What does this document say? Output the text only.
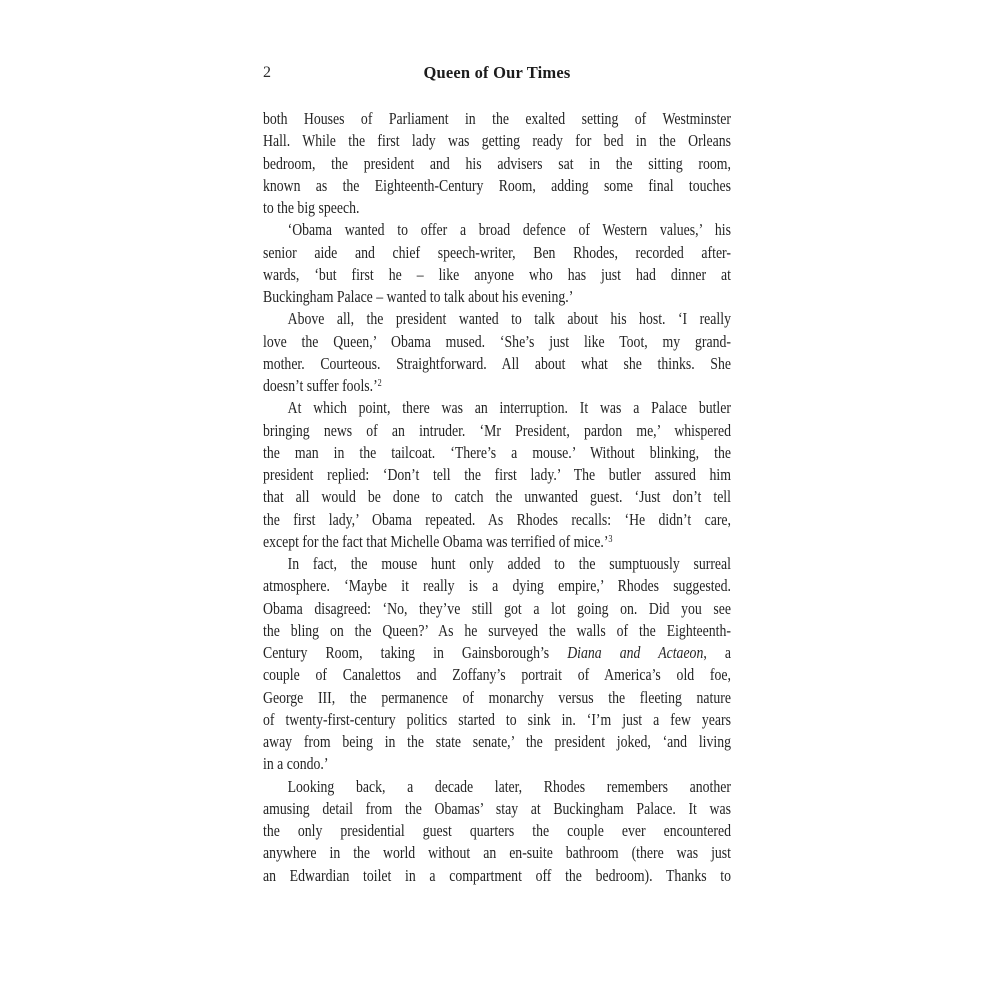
2	Queen of Our Times
both Houses of Parliament in the exalted setting of Westminster
Hall. While the first lady was getting ready for bed in the Orleans
bedroom, the president and his advisers sat in the sitting room,
known as the Eighteenth-Century Room, adding some final touches
to the big speech.
‘Obama wanted to offer a broad defence of Western values,’ his
senior aide and chief speech-writer, Ben Rhodes, recorded after-
wards, ‘but first he – like anyone who has just had dinner at
Buckingham Palace – wanted to talk about his evening.’
Above all, the president wanted to talk about his host. ‘I really
love the Queen,’ Obama mused. ‘She’s just like Toot, my grand-
mother. Courteous. Straightforward. All about what she thinks. She
doesn’t suffer fools.’$^2$
At which point, there was an interruption. It was a Palace butler
bringing news of an intruder. ‘Mr President, pardon me,’ whispered
the man in the tailcoat. ‘There’s a mouse.’ Without blinking, the
president replied: ‘Don’t tell the first lady.’ The butler assured him
that all would be done to catch the unwanted guest. ‘Just don’t tell
the first lady,’ Obama repeated. As Rhodes recalls: ‘He didn’t care,
except for the fact that Michelle Obama was terrified of mice.’$^3$
In fact, the mouse hunt only added to the sumptuously surreal
atmosphere. ‘Maybe it really is a dying empire,’ Rhodes suggested.
Obama disagreed: ‘No, they’ve still got a lot going on. Did you see
the bling on the Queen?’ As he surveyed the walls of the Eighteenth-
Century Room, taking in Gainsborough’s Diana and Actaeon, a
couple of Canalettos and Zoffany’s portrait of America’s old foe,
George III, the permanence of monarchy versus the fleeting nature
of twenty-first-century politics started to sink in. ‘I’m just a few years
away from being in the state senate,’ the president joked, ‘and living
in a condo.’
Looking back, a decade later, Rhodes remembers another
amusing detail from the Obamas’ stay at Buckingham Palace. It was
the only presidential guest quarters the couple ever encountered
anywhere in the world without an en-suite bathroom (there was just
an Edwardian toilet in a compartment off the bedroom). Thanks to
